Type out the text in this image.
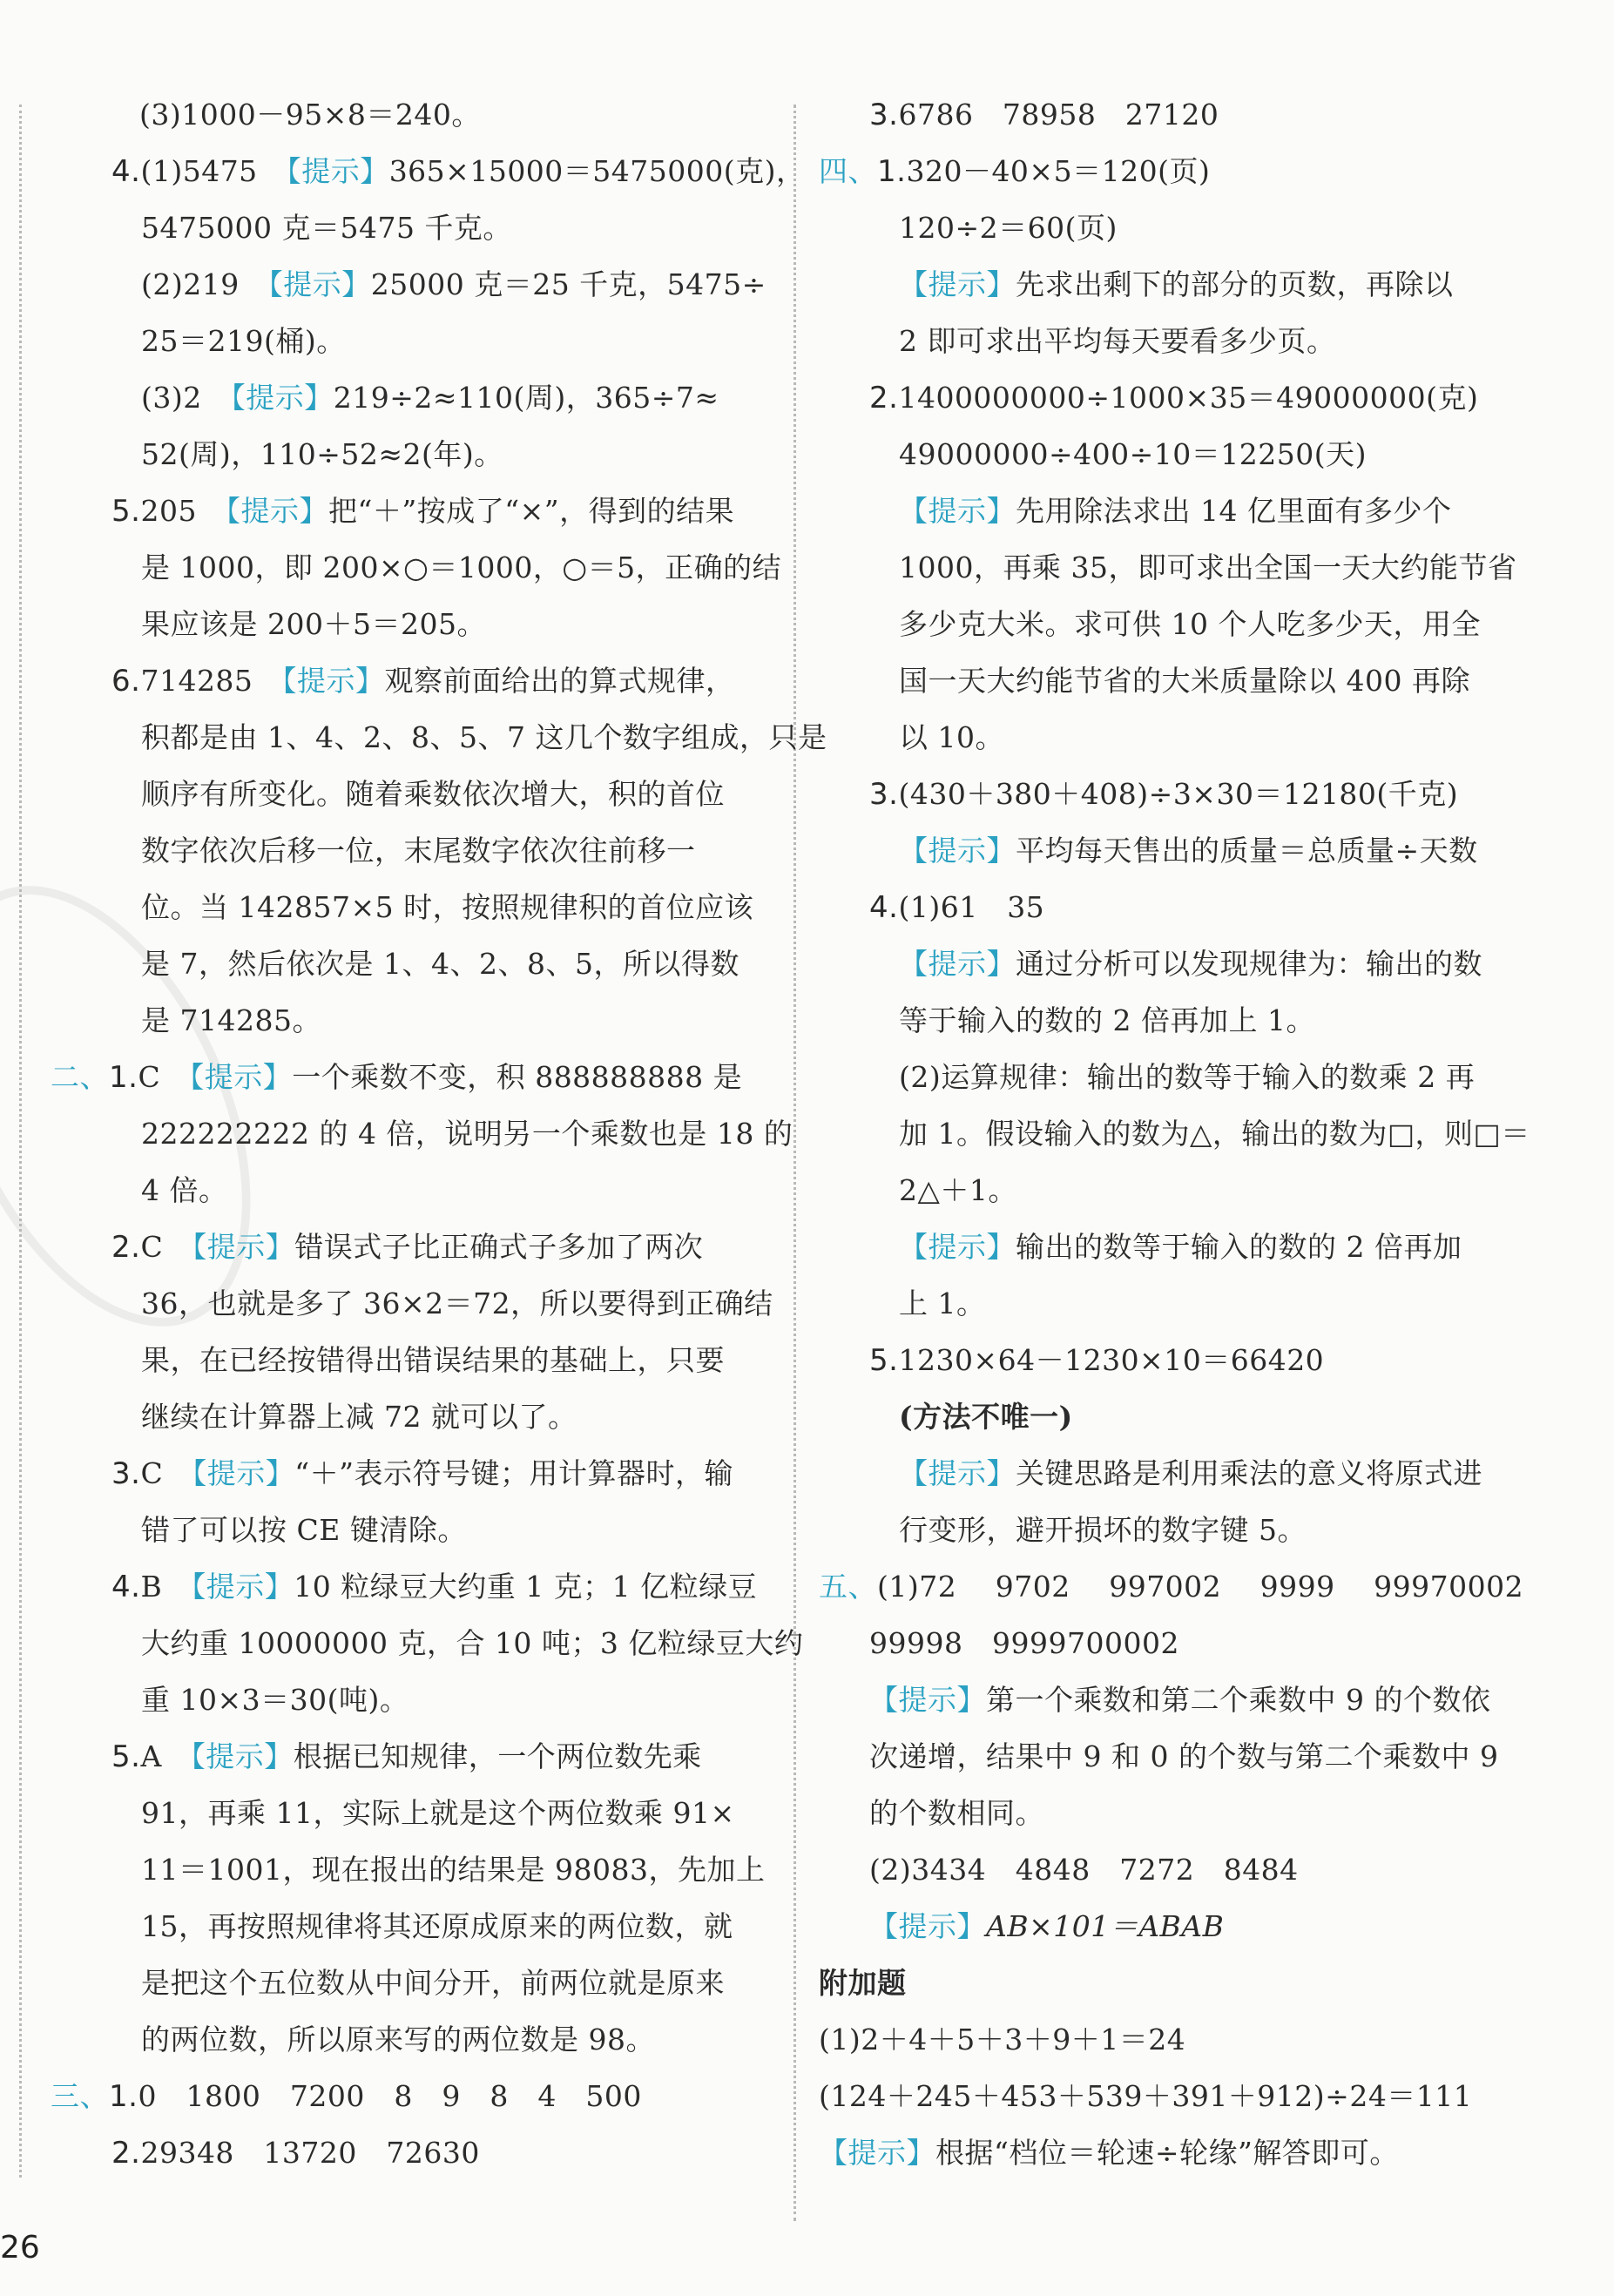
(3)1000－95×8＝240。
4.(1)5475　【提示】365×15000＝5475000(克)，
5475000 克＝5475 千克。
(2)219　【提示】25000 克＝25 千克，5475÷
25＝219(桶)。
(3)2　【提示】219÷2≈110(周)，365÷7≈
52(周)，110÷52≈2(年)。
5.205　【提示】把“＋”按成了“×”，得到的结果
是 1000，即 200×○＝1000，○＝5，正确的结
果应该是 200＋5＝205。
6.714285　【提示】观察前面给出的算式规律，
积都是由 1、4、2、8、5、7 这几个数字组成，只是
顺序有所变化。随着乘数依次增大，积的首位
数字依次后移一位，末尾数字依次往前移一
位。当 142857×5 时，按照规律积的首位应该
是 7，然后依次是 1、4、2、8、5，所以得数
是 714285。
二、1.C　【提示】一个乘数不变，积 888888888 是
222222222 的 4 倍，说明另一个乘数也是 18 的
4 倍。
2.C　【提示】错误式子比正确式子多加了两次
36，也就是多了 36×2＝72，所以要得到正确结
果，在已经按错得出错误结果的基础上，只要
继续在计算器上减 72 就可以了。
3.C　【提示】“＋”表示符号键；用计算器时，输
错了可以按 CE 键清除。
4.B　【提示】10 粒绿豆大约重 1 克；1 亿粒绿豆
大约重 10000000 克，合 10 吨；3 亿粒绿豆大约
重 10×3＝30(吨)。
5.A　【提示】根据已知规律，一个两位数先乘
91，再乘 11，实际上就是这个两位数乘 91×
11＝1001，现在报出的结果是 98083，先加上
15，再按照规律将其还原成原来的两位数，就
是把这个五位数从中间分开，前两位就是原来
的两位数，所以原来写的两位数是 98。
三、1.0　1800　7200　8　9　8　4　500
2.29348　13720　72630
3.6786　78958　27120
四、1.320－40×5＝120(页)
120÷2＝60(页)
【提示】先求出剩下的部分的页数，再除以
2 即可求出平均每天要看多少页。
2.1400000000÷1000×35＝49000000(克)
49000000÷400÷10＝12250(天)
【提示】先用除法求出 14 亿里面有多少个
1000，再乘 35，即可求出全国一天大约能节省
多少克大米。求可供 10 个人吃多少天，用全
国一天大约能节省的大米质量除以 400 再除
以 10。
3.(430＋380＋408)÷3×30＝12180(千克)
【提示】平均每天售出的质量＝总质量÷天数
4.(1)61　35
【提示】通过分析可以发现规律为：输出的数
等于输入的数的 2 倍再加上 1。
(2)运算规律：输出的数等于输入的数乘 2 再
加 1。假设输入的数为△，输出的数为□，则□＝
2△＋1。
【提示】输出的数等于输入的数的 2 倍再加
上 1。
5.1230×64－1230×10＝66420
(方法不唯一)
【提示】关键思路是利用乘法的意义将原式进
行变形，避开损坏的数字键 5。
五、(1)72　 9702　 997002　 9999　 99970002
99998　9999700002
【提示】第一个乘数和第二个乘数中 9 的个数依
次递增，结果中 9 和 0 的个数与第二个乘数中 9
的个数相同。
(2)3434　4848　7272　8484
【提示】AB×101＝ABAB
附加题
(1)2＋4＋5＋3＋9＋1＝24
(124＋245＋453＋539＋391＋912)÷24＝111
【提示】根据“档位＝轮速÷轮缘”解答即可。
26
